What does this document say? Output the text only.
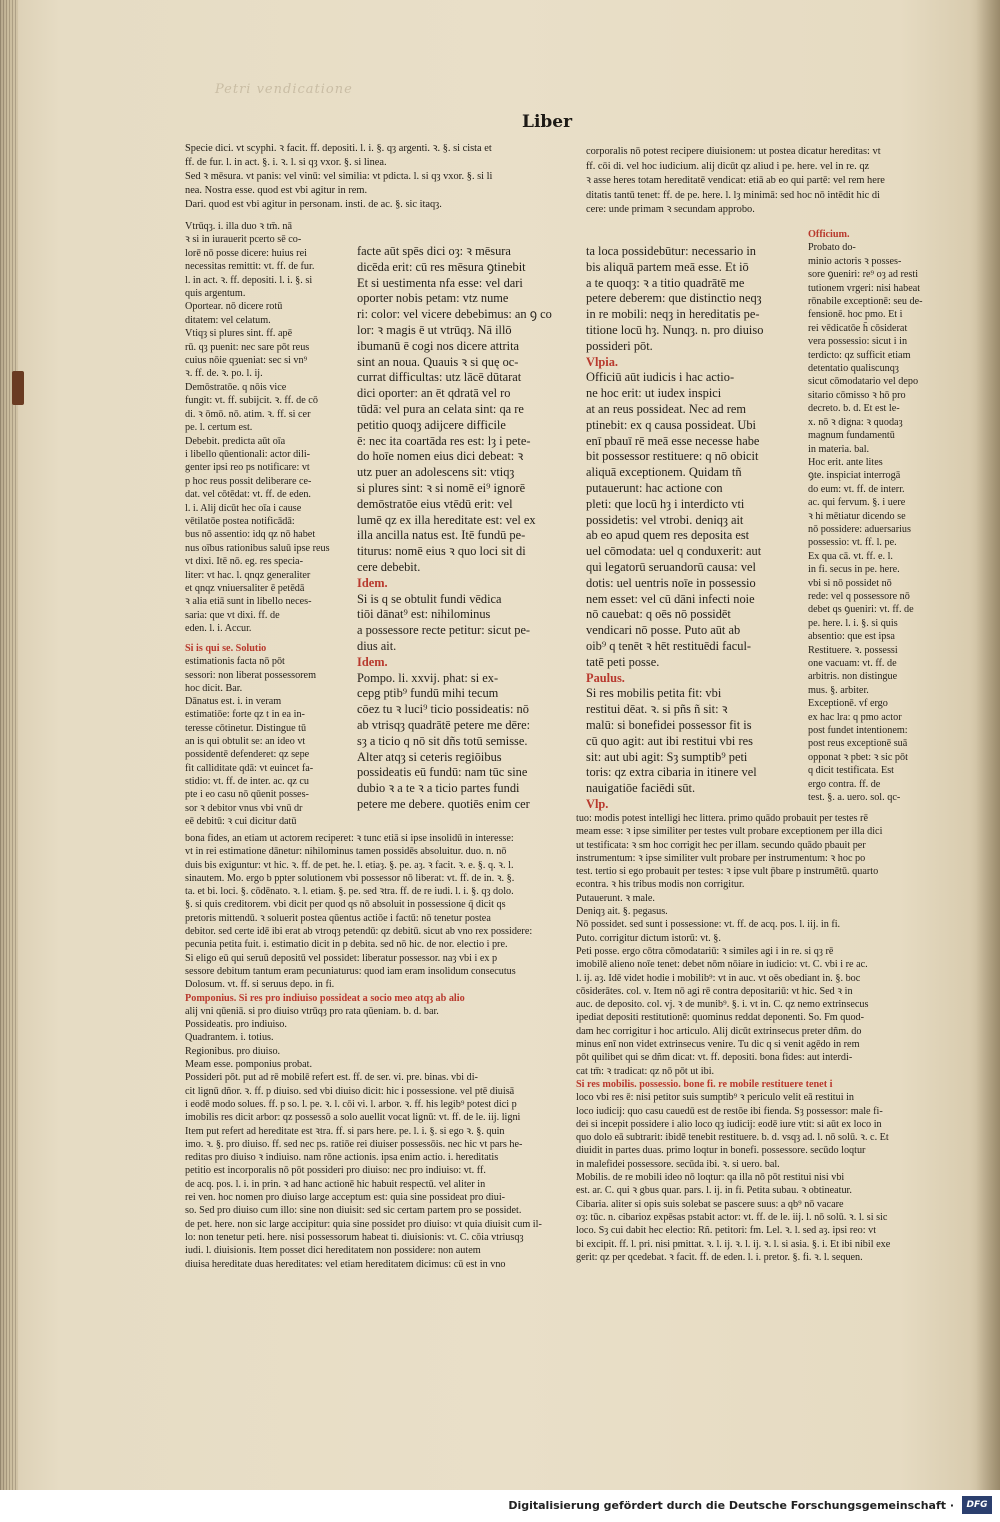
Petri vendicatione
Liber
Specie dici. vt scyphi. ꝛ facit. ff. depositi. l. i. §. qȝ argenti. ꝛ. §. si cista et
ff. de fur. l. in act. §. i. ꝛ. l. si qȝ vxor. §. si linea.
Sed ꝛ mēsura. vt panis: vel vinū: vel similia: vt pdicta. l. si qȝ vxor. §. si li
nea. Nostra esse. quod est vbi agitur in rem.
Dari. quod est vbi agitur in personam. insti. de ac. §. sic itaqȝ.
Vtrūqȝ. i. illa duo ꝛ tm̄. nā
ꝛ si in iurauerit pcerto sē co-
lorē nō posse dicere: huius rei
necessitas remittit: vt. ff. de fur.
l. in act. ꝛ. ff. depositi. l. i. §. si
quis argentum.
Oportear. nō dicere rotū
ditatem: vel celatum.
Vtiqȝ si plures sint. ff. apē
rū. qȝ puenit: nec sare pōt reus
cuius nōie qȝueniat: sec si vn⁹
ꝛ. ff. de. ꝛ. po. l. ij.
Demōstratōe. q nōis vice
fungit: vt. ff. subijcit. ꝛ. ff. de cō
di. ꝛ ōmō. nō. atim. ꝛ. ff. si cer
pe. l. certum est.
Debebit. predicta aūt oīa
i libello qūentionali: actor dili-
genter ipsi reo ps notificare: vt
p hoc reus possit deliberare ce-
dat. vel cōtēdat: vt. ff. de eden.
l. i. Alij dicūt hec oīa i cause
vētilatōe postea notificādā:
bus nō assentio: idq qz nō habet
nus oībus rationibus saluū ipse reus
vt dixi. Itē nō. eg. res specia-
liter: vt hac. l. qnqz generaliter
et qnqz vniuersaliter ē petēdā
ꝛ alia etiā sunt in libello neces-
saria: que vt dixi. ff. de
eden. l. i. Accur.
Si is qui se. Solutio
estimationis facta nō pōt
sessori: non liberat possessorem
hoc dicit. Bar.
Dānatus est. i. in veram
estimatiōe: forte qz t in ea in-
teresse cōtinetur. Distingue tū
an is qui obtulit se: an ideo vt
possidentē defenderet: qz sepe
fit calliditate qdā: vt euincet fa-
stidio: vt. ff. de inter. ac. qz cu
pte i eo casu nō qūenit posses-
sor ꝛ debitor vnus vbi vnū dr
eē debitū: ꝛ cui dicitur datū
facte aūt spēs dici oȝ: ꝛ mēsura
dicēda erit: cū res mēsura ꝯtinebit
Et si uestimenta nfa esse: vel dari
oporter nobis petam: vtz nume
ri: color: vel vicere debebimus: an ꝯ co
lor: ꝛ magis ē ut vtrūqȝ. Nā illō
ibumanū ē cogi nos dicere attrita
sint an noua. Quauis ꝛ si quę oc-
currat difficultas: utz lācē dūtarat
dici oporter: an ēt qdratā vel ro
tūdā: vel pura an celata sint: qa re
petitio quoqȝ adijcere difficile
ē: nec ita coartāda res est: lȝ i pete-
do hoīe nomen eius dici debeat: ꝛ
utz puer an adolescens sit: vtiqȝ
si plures sint: ꝛ si nomē ei⁹ ignorē
demōstratōe eius vtēdū erit: vel
lumē qz ex illa hereditate est: vel ex
illa ancilla natus est. Itē fundū pe-
titurus: nomē eius ꝛ quo loci sit di
cere debebit.
Idem.
Si is q se obtulit fundi vēdica
tiōi dānat⁹ est: nihilominus
a possessore recte petitur: sicut pe-
dius ait.
Idem.
Pompo. li. xxvij. phat: si ex-
cepg ptib⁹ fundū mihi tecum
cōez tu ꝛ luci⁹ ticio possideatis: nō
ab vtrisqȝ quadrātē petere me dēre:
sȝ a ticio q nō sit dñs totū semisse.
Alter atqȝ si ceteris regiōibus
possideatis eū fundū: nam tūc sine
dubio ꝛ a te ꝛ a ticio partes fundi
petere me debere. quotiēs enim cer
bona fides, an etiam ut actorem reciperet: ꝛ tunc etiā si ipse insolidū in interesse:
vt in rei estimatione dānetur: nihilominus tamen possidēs absoluitur. duo. n. nō
duis bis exiguntur: vt hic. ꝛ. ff. de pet. he. l. etiaȝ. §. pe. aȝ. ꝛ facit. ꝛ. e. §. q. ꝛ. l.
sinautem. Mo. ergo b ppter solutionem vbi possessor nō liberat: vt. ff. de in. ꝛ. §.
ta. et bi. loci. §. cōdēnato. ꝛ. l. etiam. §. pe. sed ꝛtra. ff. de re iudi. l. i. §. qȝ dolo.
§. si quis creditorem. vbi dicit per quod qs nō absoluit in possessione q̄ dicit qs
pretoris mittendū. ꝛ soluerit postea qūentus actiōe i factū: nō tenetur postea
debitor. sed certe idē ibi erat ab vtroqȝ petendū: qz debitū. sicut ab vno rex possidere:
pecunia petita fuit. i. estimatio dicit in p debita. sed nō hic. de nor. electio i pre.
Si eligo eū qui seruū depositū vel possidet: liberatur possessor. naȝ vbi i ex p
sessore debitum tantum eram pecuniaturus: quod iam eram insolidum consecutus
Dolosum. vt. ff. si seruus depo. in fi.
Pomponius. Si res pro indiuiso possideat a socio meo atqȝ ab alio
alij vni qūeniā. si pro diuiso vtrūqȝ pro rata qūeniam. b. d. bar.
Possideatis. pro indiuiso.
Quadrantem. i. totius.
Regionibus. pro diuiso.
Meam esse. pomponius probat.
Possideri pōt. put ad rē mobilē refert est. ff. de ser. vi. pre. binas. vbi di-
cit lignū dñor. ꝛ. ff. p diuiso. sed vbi diuiso dicit: hic i possessione. vel ptē diuisā
i eodē modo solues. ff. p so. l. pe. ꝛ. l. cōi vi. l. arbor. ꝛ. ff. his legib⁹ potest dici p
imobilis res dicit arbor: qz possessō a solo auellit vocat lignū: vt. ff. de le. iij. ligni
Item put refert ad hereditate est ꝛtra. ff. si pars here. pe. l. i. §. si ego ꝛ. §. quin
imo. ꝛ. §. pro diuiso. ff. sed nec ps. ratiōe rei diuiser possessōis. nec hic vt pars he-
reditas pro diuiso ꝛ indiuiso. nam rōne actionis. ipsa enim actio. i. hereditatis
petitio est incorporalis nō pōt possideri pro diuiso: nec pro indiuiso: vt. ff.
de acq. pos. l. i. in prin. ꝛ ad hanc actionē hic habuit respectū. vel aliter in
rei ven. hoc nomen pro diuiso large acceptum est: quia sine possideat pro diui-
so. Sed pro diuiso cum illo: sine non diuisit: sed sic certam partem pro se possidet.
de pet. here. non sic large accipitur: quia sine possidet pro diuiso: vt quia diuisit cum il-
lo: non tenetur peti. here. nisi possessorum habeat ti. diuisionis: vt. C. cōia vtriusqȝ
iudi. l. diuisionis. Item posset dici hereditatem non possidere: non autem
diuisa hereditate duas hereditates: vel etiam hereditatem dicimus: cū est in vno
corporalis nō potest recipere diuisionem: ut postea dicatur hereditas: vt
ff. cōi di. vel hoc iudicium. alij dicūt qz aliud i pe. here. vel in re. qz
ꝛ asse heres totam hereditatē vendicat: etiā ab eo qui partē: vel rem here
ditatis tantū tenet: ff. de pe. here. l. lȝ minimā: sed hoc nō intēdit hic di
cere: unde primam ꝛ secundam approbo.
ta loca possidebūtur: necessario in
bis aliquā partem meā esse. Et iō
a te quoqȝ: ꝛ a titio quadrātē me
petere deberem: que distinctio neqȝ
in re mobili: neqȝ in hereditatis pe-
titione locū hȝ. Nunqȝ. n. pro diuiso
possideri pōt.
Vlpia.
Officiū aūt iudicis i hac actio-
ne hoc erit: ut iudex inspici
at an reus possideat. Nec ad rem
ptinebit: ex q causa possideat. Ubi
enī pbauī rē meā esse necesse habe
bit possessor restituere: q nō obicit
aliquā exceptionem. Quidam tñ
putauerunt: hac actione con
pleti: que locū hȝ i interdicto vti
possidetis: vel vtrobi. deniqȝ ait
ab eo apud quem res deposita est
uel cōmodata: uel q conduxerit: aut
qui legatorū seruandorū causa: vel
dotis: uel uentris noīe in possessio
nem esset: vel cū dāni infecti noie
nō cauebat: q oēs nō possidēt
vendicari nō posse. Puto aūt ab
oib⁹ q tenēt ꝛ hēt restituēdi facul-
tatē peti posse.
Paulus.
Si res mobilis petita fit: vbi
restitui dēat. ꝛ. si pñs ñ sit: ꝛ
malū: si bonefidei possessor fit is
cū quo agit: aut ibi restitui vbi res
sit: aut ubi agit: Sȝ sumptib⁹ peti
toris: qz extra cibaria in itinere vel
nauigatiōe faciēdi sūt.
Vlp.
Officium.
Probato do-
minio actoris ꝛ posses-
sore ꝯueniri: re⁹ oȝ ad resti
tutionem vrgeri: nisi habeat
rōnabile exceptionē: seu de-
fensionē. hoc pmo. Et i
rei vēdicatōe h̄ cōsiderat
vera possessio: sicut i in
terdicto: qz sufficit etiam
detentatio qualiscunqȝ
sicut cōmodatario vel depo
sitario cōmisso ꝛ hō pro
decreto. b. d. Et est le-
x. nō ꝛ digna: ꝛ quodaȝ
magnum fundamentū
in materia. bal.
Hoc erit. ante lites
ꝯte. inspiciat interrogā
do eum: vt. ff. de interr.
ac. qui fervum. §. i uere
ꝛ hi mētiatur dicendo se
nō possidere: aduersarius
possessio: vt. ff. l. pe.
Ex qua cā. vt. ff. e. l.
in fi. secus in pe. here.
vbi si nō possidet nō
rede: vel q possessore nō
debet qs ꝯueniri: vt. ff. de
pe. here. l. i. §. si quis
absentio: que est ipsa
Restituere. ꝛ. possessi
one vacuam: vt. ff. de
arbitris. non distingue
mus. §. arbiter.
Exceptionē. vf ergo
ex hac lra: q pmo actor
post fundet intentionem:
post reus exceptionē suā
opponat ꝛ pbet: ꝛ sic pōt
q dicit testificata. Est
ergo contra. ff. de
test. §. a. uero. sol. qc-
tuo: modis potest intelligi hec littera. primo quādo probauit per testes rē
meam esse: ꝛ ipse similiter per testes vult probare exceptionem per illa dici
ut testificata: ꝛ sm hoc corrigit hec per illam. secundo quādo pbauit per
instrumentum: ꝛ ipse similiter vult probare per instrumentum: ꝛ hoc po
test. tertio si ego probauit per testes: ꝛ ipse vult p̄bare p instrumētū. quarto
econtra. ꝛ his tribus modis non corrigitur.
Putauerunt. ꝛ male.
Deniqȝ ait. §. pegasus.
Nō possidet. sed sunt i possessione: vt. ff. de acq. pos. l. iij. in fi.
Puto. corrigitur dictum istorū: vt. §.
Peti posse. ergo cōtra cōmodatariū: ꝛ similes agi i in re. si qȝ rē
imobilē alieno noīe tenet: debet nōm nōiare in iudicio: vt. C. vbi i re ac.
l. ij. aȝ. Idē videt hodie i mobilib⁹: vt in auc. vt oēs obediant in. §. boc
cōsiderātes. col. v. Item nō agi rē contra depositariū: vt hic. Sed ꝛ in
auc. de deposito. col. vj. ꝛ de munib⁹. §. i. vt in. C. qz nemo extrinsecus
ipediat depositi restitutionē: quominus reddat deponenti. So. Fm quod-
dam hec corrigitur i hoc articulo. Alij dicūt extrinsecus preter dñm. do
minus enī non videt extrinsecus venire. Tu dic q si venit agēdo in rem
pōt quilibet qui se dñm dicat: vt. ff. depositi. bona fides: aut interdi-
cat tm̄: ꝛ tradicat: qz nō pōt ut ibi.
Si res mobilis. possessio. bone fi. re mobile restituere tenet i
loco vbi res ē: nisi petitor suis sumptib⁹ ꝛ periculo velit eā restitui in
loco iudicij: quo casu cauedū est de restōe ibi fienda. Sȝ possessor: male fi-
dei si incepit possidere i alio loco qȝ iudicij: eodē iure vtit: si aūt ex loco in
quo dolo eā subtrarit: ibidē tenebit restituere. b. d. vsqȝ ad. l. nō solū. ꝛ. c. Et
diuidit in partes duas. primo loqtur in bonefi. possessore. secūdo loqtur
in malefidei possessore. secūda ibi. ꝛ. si uero. bal.
Mobilis. de re mobili ideo nō loqtur: qa illa nō pōt restitui nisi vbi
est. ar. C. qui ꝛ gbus quar. pars. l. ij. in fi. Petita subau. ꝛ obtineatur.
Cibaria. aliter si opis suis solebat se pascere suus: a qb⁹ nō vacare
oȝ: tūc. n. cibarioz expēsas pstabit actor: vt. ff. de le. iij. l. nō solū. ꝛ. l. si sic
loco. Sȝ cui dabit hec electio: Rñ. petitori: fm. Lel. ꝛ. l. sed aȝ. ipsi reo: vt
bi excipit. ff. l. pri. nisi pmittat. ꝛ. l. ij. ꝛ. l. ij. ꝛ. l. si asia. §. i. Et ibi nibil exe
gerit: qz per qcedebat. ꝛ facit. ff. de eden. l. i. pretor. §. fi. ꝛ. l. sequen.
Digitalisierung gefördert durch die Deutsche Forschungsgemeinschaft ·	DFG
